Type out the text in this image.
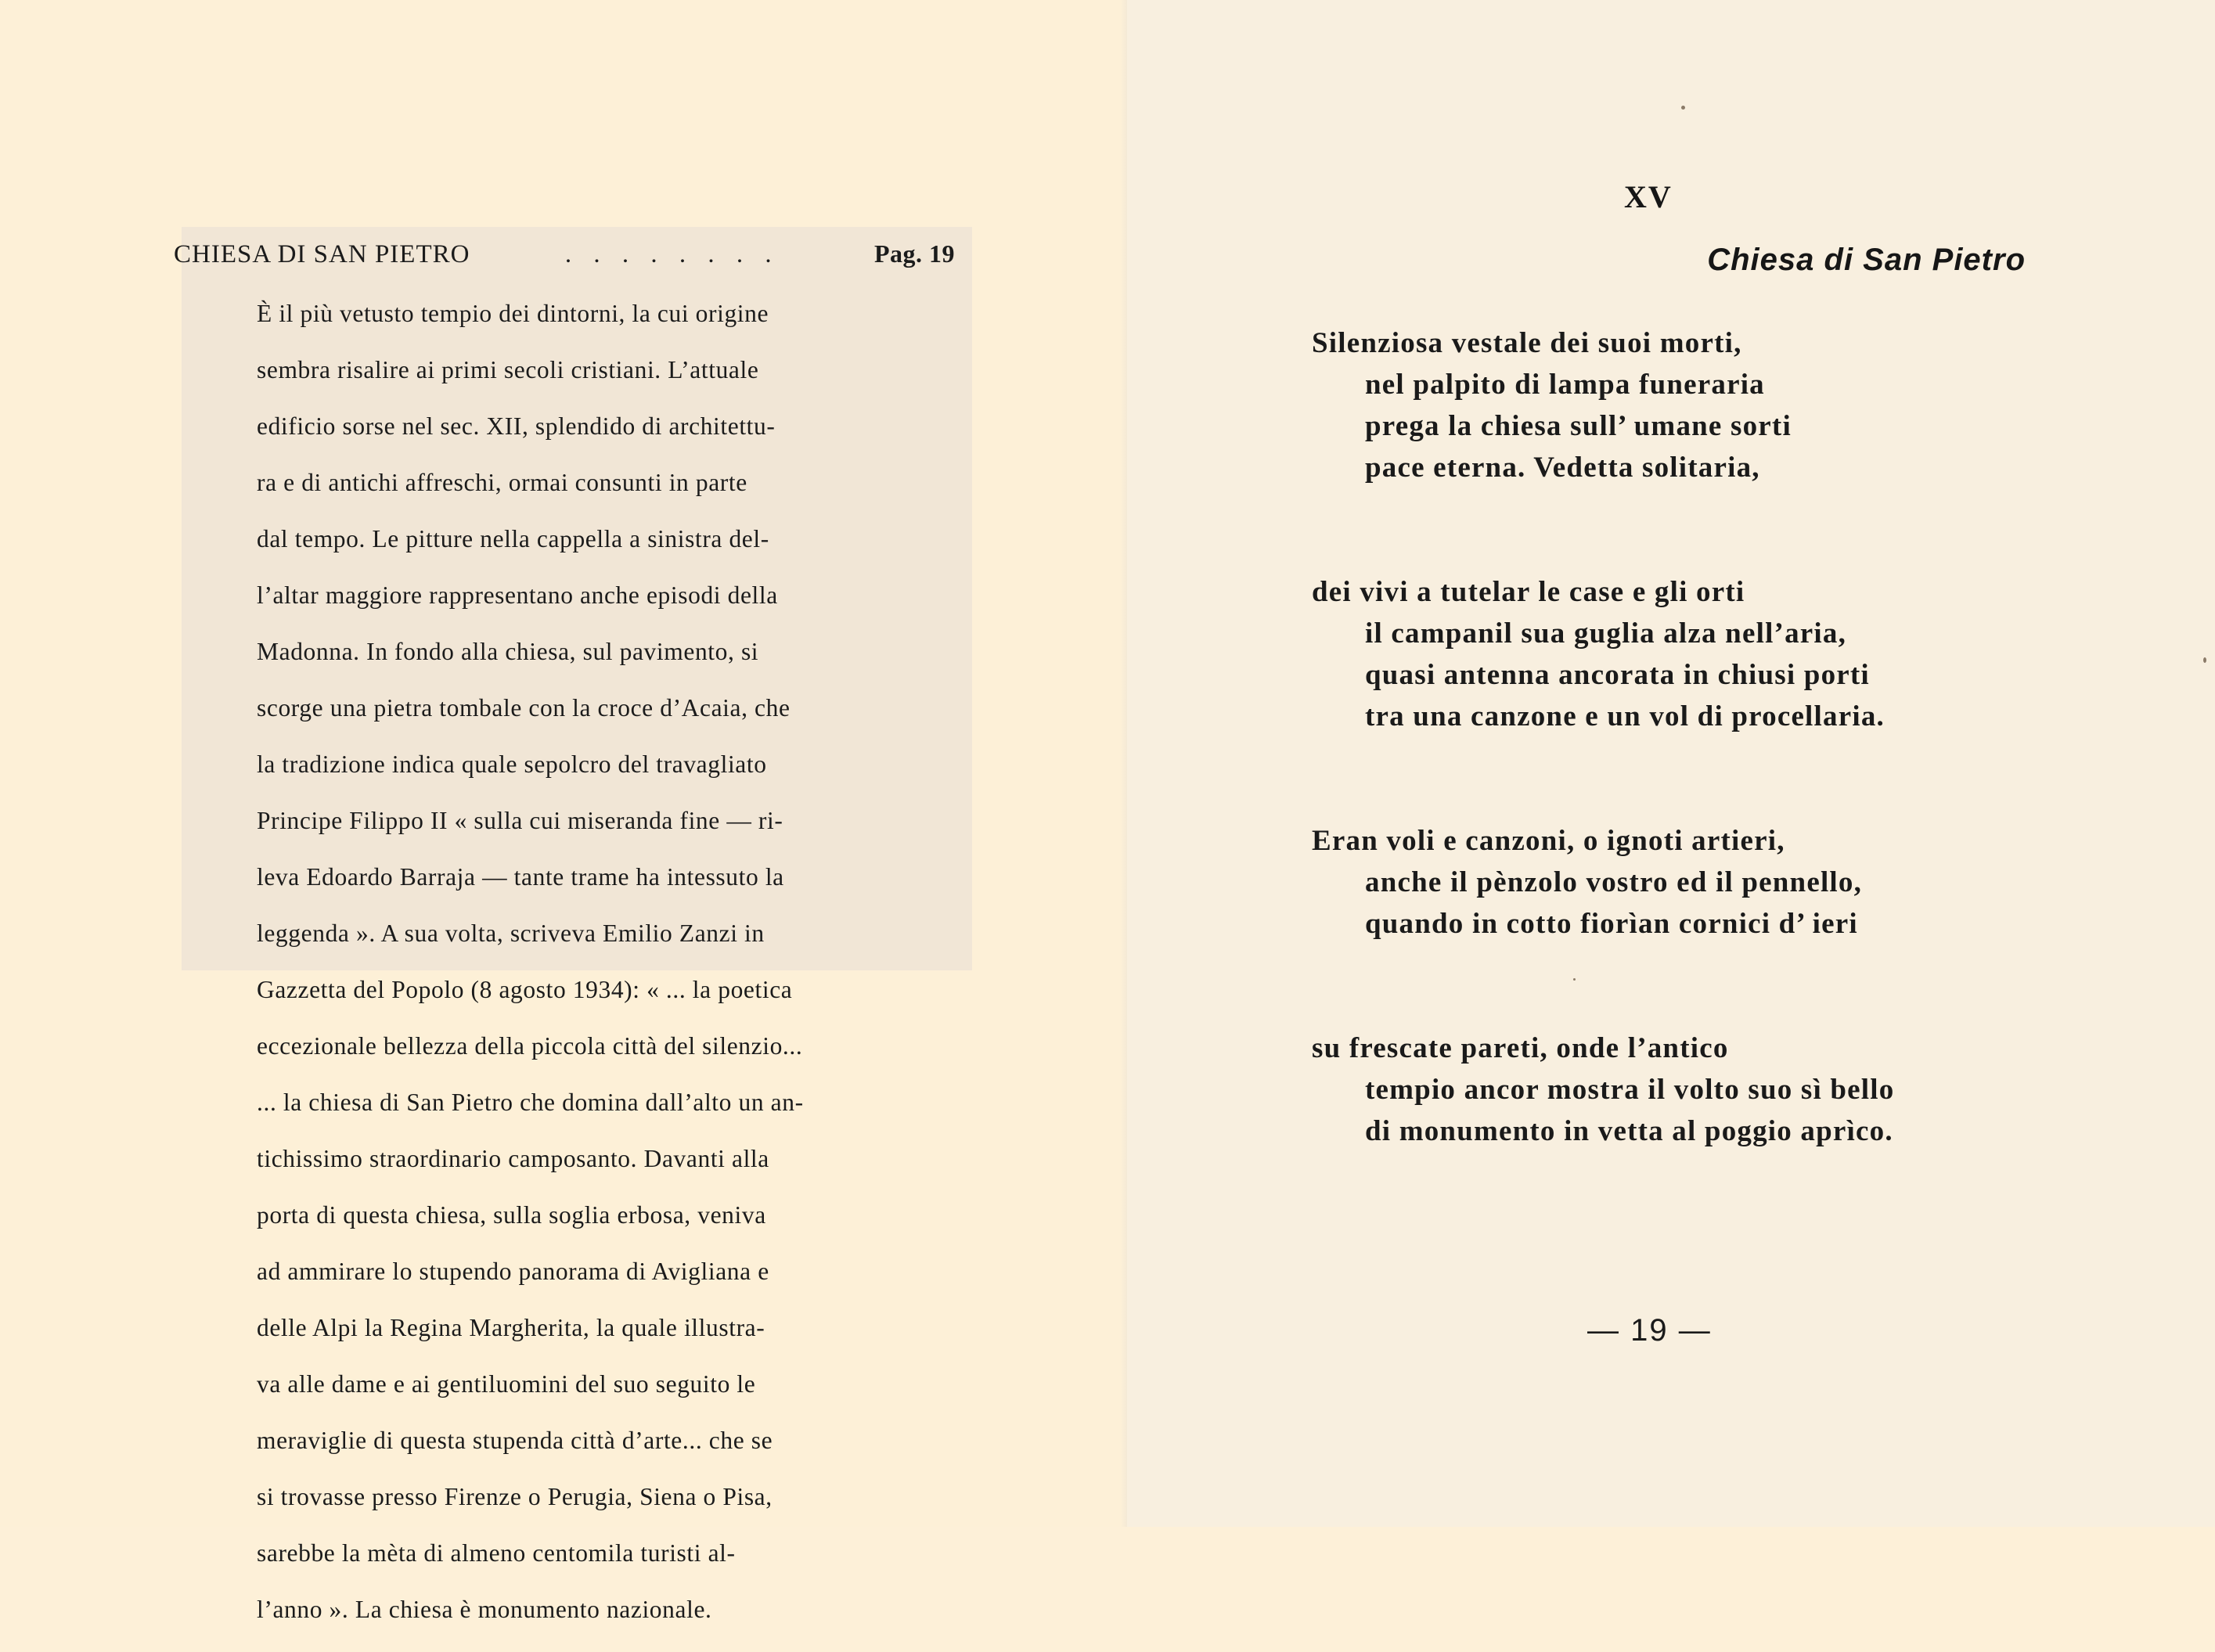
CHIESA DI SAN PIETRO	. . . . . . . .	Pag. 19

È il più vetusto tempio dei dintorni, la cui origine

sembra risalire ai primi secoli cristiani. L’attuale

edificio sorse nel sec. XII, splendido di architettu-

ra e di antichi affreschi, ormai consunti in parte

dal tempo. Le pitture nella cappella a sinistra del-

l’altar maggiore rappresentano anche episodi della

Madonna. In fondo alla chiesa, sul pavimento, si

scorge una pietra tombale con la croce d’Acaia, che

la tradizione indica quale sepolcro del travagliato

Principe Filippo II « sulla cui miseranda fine — ri-

leva Edoardo Barraja — tante trame ha intessuto la

leggenda ». A sua volta, scriveva Emilio Zanzi in

Gazzetta del Popolo (8 agosto 1934): « ... la poetica

eccezionale bellezza della piccola città del silenzio...

... la chiesa di San Pietro che domina dall’alto un an-

tichissimo straordinario camposanto. Davanti alla

porta di questa chiesa, sulla soglia erbosa, veniva

ad ammirare lo stupendo panorama di Avigliana e

delle Alpi la Regina Margherita, la quale illustra-

va alle dame e ai gentiluomini del suo seguito le

meraviglie di questa stupenda città d’arte... che se

si trovasse presso Firenze o Perugia, Siena o Pisa,

sarebbe la mèta di almeno centomila turisti al-

l’anno ». La chiesa è monumento nazionale.

XV
Chiesa di San Pietro
Silenziosa vestale dei suoi morti,
nel palpito di lampa funeraria
prega la chiesa sull’ umane sorti
pace eterna. Vedetta solitaria,
dei vivi a tutelar le case e gli orti
il campanil sua guglia alza nell’aria,
quasi antenna ancorata in chiusi porti
tra una canzone e un vol di procellaria.
Eran voli e canzoni, o ignoti artieri,
anche il pènzolo vostro ed il pennello,
quando in cotto fiorìan cornici d’ ieri
su frescate pareti, onde l’antico
tempio ancor mostra il volto suo sì bello
di monumento in vetta al poggio aprìco.
— 19 —
